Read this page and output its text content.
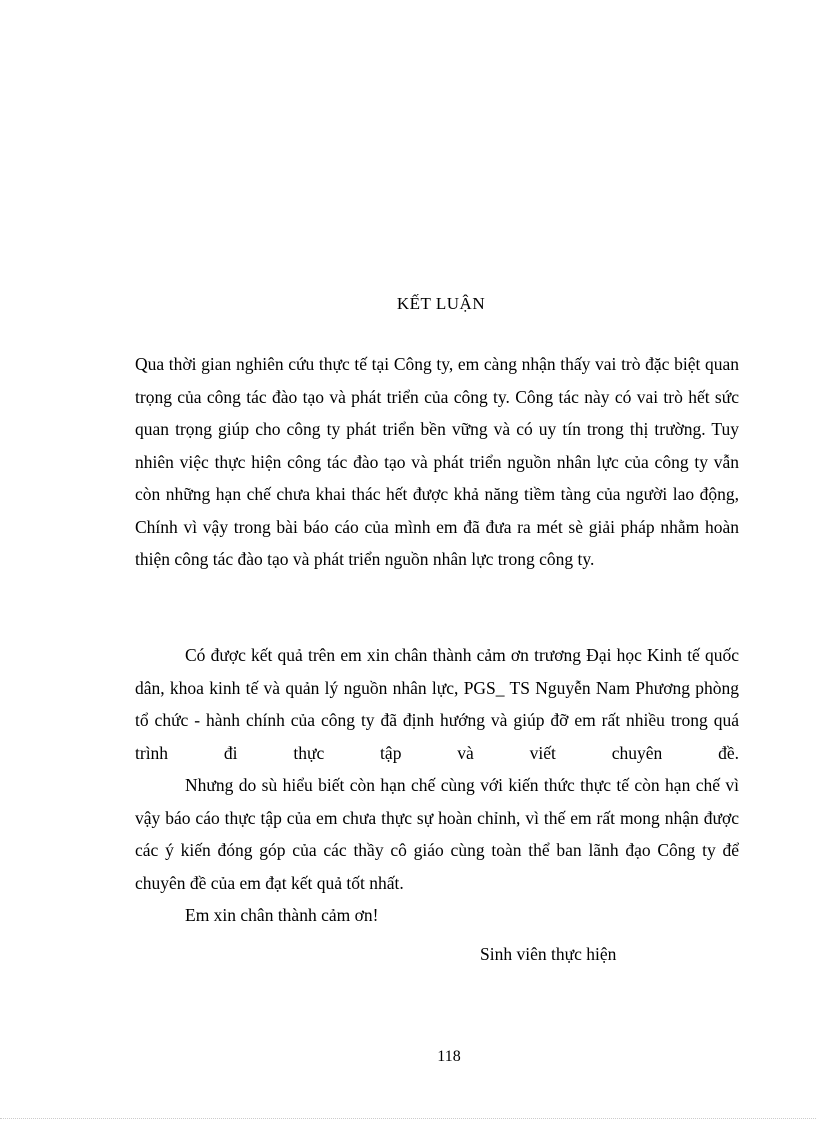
KẾT LUẬN

Qua thời gian nghiên cứu thực tế tại Công ty, em càng nhận thấy vai trò đặc biệt quan trọng của công tác đào tạo và phát triển của công ty. Công tác này có vai trò hết sức quan trọng giúp cho công ty phát triển bền vững và có uy tín trong thị trường. Tuy nhiên việc thực hiện công tác đào tạo và phát triển nguồn nhân lực của công ty vẫn còn những hạn chế chưa khai thác hết được khả năng tiềm tàng của người lao động, Chính vì vậy trong bài báo cáo của mình em đã đưa ra mét sè giải pháp nhằm hoàn thiện công tác đào tạo và phát triển nguồn nhân lực trong công ty.

Có được kết quả trên em xin chân thành cảm ơn trương Đại học Kinh tế quốc dân, khoa kinh tế và quản lý nguồn nhân lực, PGS_ TS Nguyễn Nam Phương phòng tổ chức - hành chính của công ty đã định hướng và giúp đỡ em rất nhiều trong quá trình đi thực tập và viết chuyên đề.

Nhưng do sù hiểu biết còn hạn chế cùng với kiến thức thực tế còn hạn chế vì vậy báo cáo thực tập của em chưa thực sự hoàn chỉnh, vì thế em rất mong nhận được các ý kiến đóng góp của các thầy cô giáo cùng toàn thể ban lãnh đạo Công ty để chuyên đề của em đạt kết quả tốt nhất.

Em xin chân thành cảm ơn!

Sinh viên thực hiện
118
